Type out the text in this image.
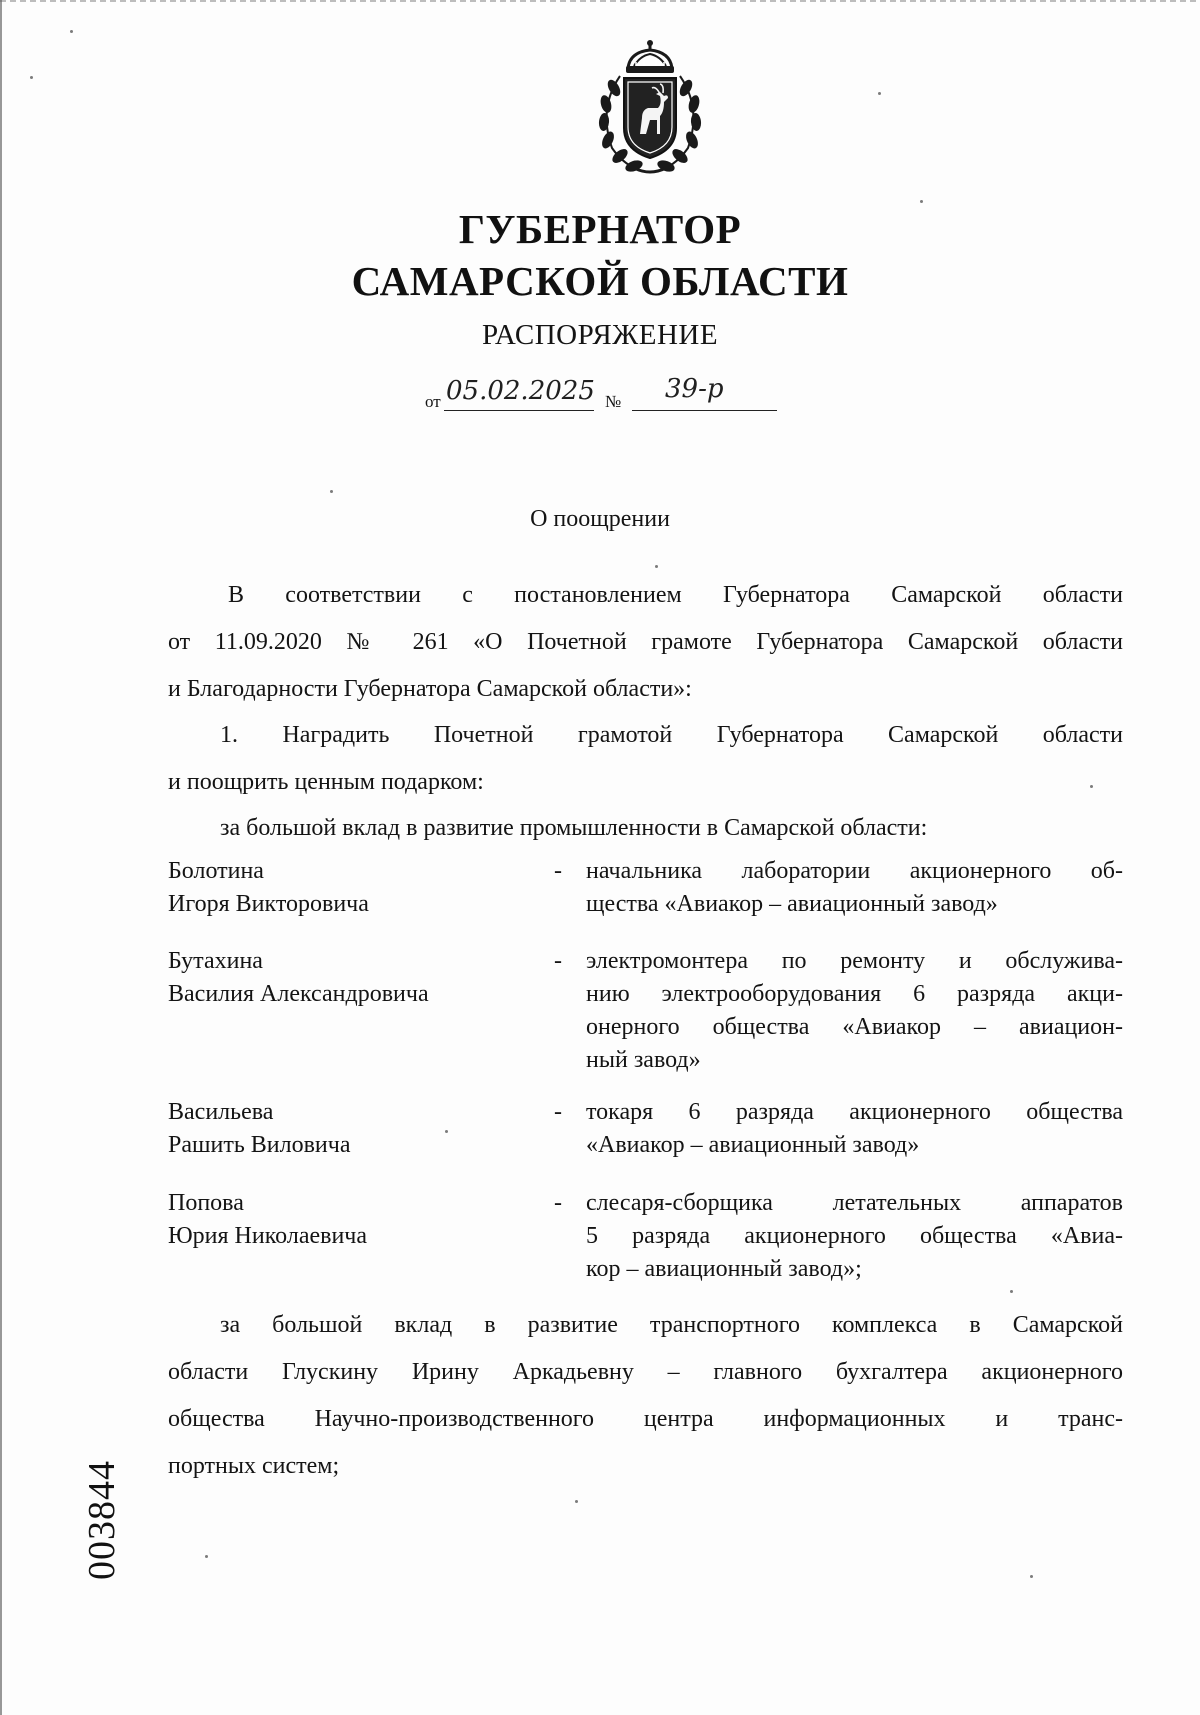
ГУБЕРНАТОР
САМАРСКОЙ ОБЛАСТИ
РАСПОРЯЖЕНИЕ
от 05.02.2025 № 39-р
О поощрении
В соответствии с постановлением Губернатора Самарской области
от 11.09.2020 № 261 «О Почетной грамоте Губернатора Самарской области
и Благодарности Губернатора Самарской области»:
1. Наградить Почетной грамотой Губернатора Самарской области
и поощрить ценным подарком:
за большой вклад в развитие промышленности в Самарской области:
Болотина
Игоря Викторовича
- начальника лаборатории акционерного об-
щества «Авиакор – авиационный завод»
Бутахина
Василия Александровича
- электромонтера по ремонту и обслужива-
нию электрооборудования 6 разряда акци-
онерного общества «Авиакор – авиацион-
ный завод»
Васильева
Рашить Виловича
- токаря 6 разряда акционерного общества
«Авиакор – авиационный завод»
Попова
Юрия Николаевича
- слесаря-сборщика летательных аппаратов
5 разряда акционерного общества «Авиа-
кор – авиационный завод»;
за большой вклад в развитие транспортного комплекса в Самарской
области Глускину Ирину Аркадьевну – главного бухгалтера акционерного
общества Научно-производственного центра информационных и транс-
портных систем;
003844
